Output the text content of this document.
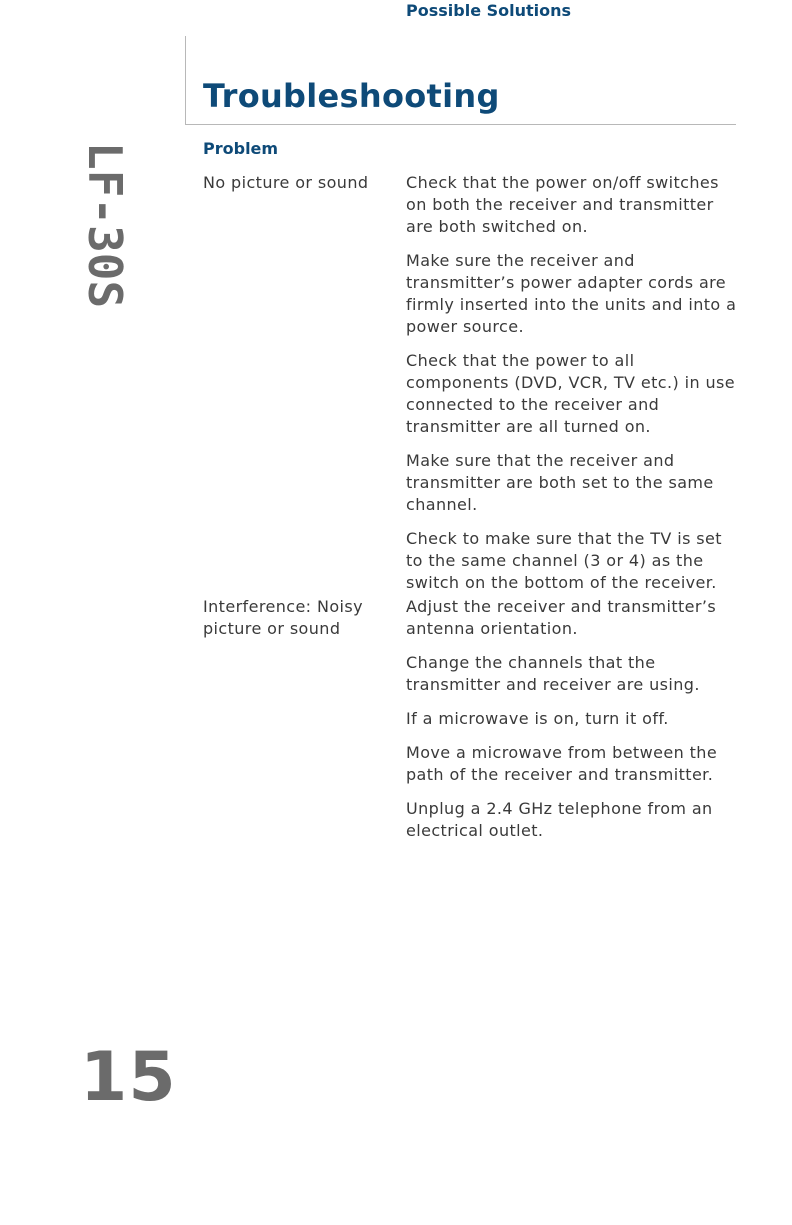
Troubleshooting
LF-30S	Problem
Possible Solutions

No picture or sound	Check that the power on/off switches on both the receiver and transmitter are both switched on.
Make sure the receiver and transmitter’s power adapter cords are firmly inserted into the units and into a power source.
Check that the power to all components (DVD, VCR, TV etc.) in use connected to the receiver and transmitter are all turned on.
Make sure that the receiver and transmitter are both set to the same channel.
Check to make sure that the TV is set to the same channel (3 or 4) as the switch on the bottom of the receiver.

Interference: Noisy picture or sound

Adjust the receiver and transmitter’s antenna orientation.
Change the channels that the transmitter and receiver are using.
If a microwave is on, turn it off.
Move a microwave from between the path of the receiver and transmitter.
Unplug a 2.4 GHz telephone from an electrical outlet.
15
